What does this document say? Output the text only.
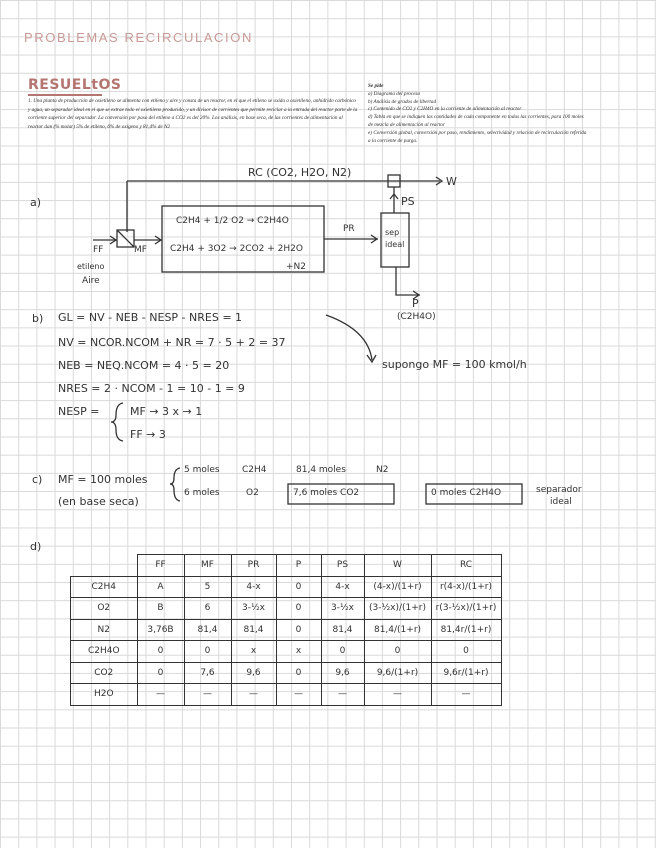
PROBLEMAS RECIRCULACION
RESUELtOS
1. Una planta de producción de oxietileno se alimenta con etileno y aire y consta de un reactor, en el que el etileno se oxida a oxietileno, anhídrido carbónico y agua, un separador ideal en el que se extrae todo el oxietileno producido, y un divisor de corrientes que permite reciclar a la entrada del reactor parte de la corriente superior del separador. La conversión por paso del etileno a CO2 es del 20%. Los análisis, en base seca, de las corrientes de alimentación al reactor dan (% molar) 5% de etileno, 6% de oxígeno y 81,4% de N2
Se pide
a) Diagrama del proceso
b) Análisis de grados de libertad
c) Contenido de CO2 y C2H4O en la corriente de alimentación al reactor
d) Tabla en que se indiquen las cantidades de cada componente en todas las corrientes, para 100 moles
de mezcla de alimentación al reactor
e) Conversión global, conversión por paso, rendimiento, selectividad y relación de recirculación referida
a la corriente de purga.
a)
RC (CO2, H2O, N2)
W
PS
C2H4 + 1/2 O2 → C2H4O
C2H4 + 3O2 → 2CO2 + 2H2O
+N2
PR	sep
ideal
FF	MF
etileno
Aire
P
(C2H4O)
b) GL = NV - NEB - NESP - NRES = 1
NV = NCOR.NCOM + NR = 7 · 5 + 2 = 37
NEB = NEQ.NCOM = 4 · 5 = 20
NRES = 2 · NCOM - 1 = 10 - 1 = 9
NESP =	MF → 3 x → 1
FF → 3
supongo MF = 100 kmol/h
c) MF = 100 moles
(en base seca)
5 moles C2H4	81,4 moles	N2
6 moles	O2	7,6 moles CO2	0 moles C2H4O	separador
ideal
d)
	FF	MF	PR	P	PS	W	RC
C2H4	A	5	4-x	0	4-x	(4-x)/(1+r)	r(4-x)/(1+r)
O2	B	6	3-½x	0	3-½x	(3-½x)/(1+r)	r(3-½x)/(1+r)
N2	3,76B	81,4	81,4	0	81,4	81,4/(1+r)	81,4r/(1+r)
C2H4O	0	0	x	x	0	0	0
CO2	0	7,6	9,6	0	9,6	9,6/(1+r)	9,6r/(1+r)
H2O	—	—	—	—	—	—	—
